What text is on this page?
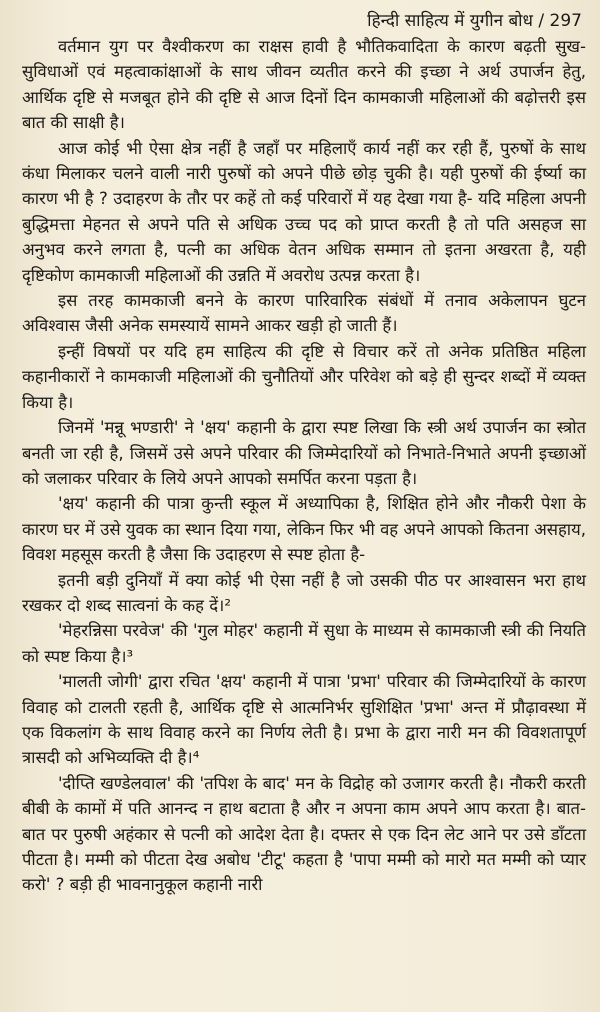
हिन्दी साहित्य में युगीन बोध / 297

वर्तमान युग पर वैश्वीकरण का राक्षस हावी है भौतिकवादिता के कारण बढ़ती सुख-सुविधाओं एवं महत्वाकांक्षाओं के साथ जीवन व्यतीत करने की इच्छा ने अर्थ उपार्जन हेतु, आर्थिक दृष्टि से मजबूत होने की दृष्टि से आज दिनों दिन कामकाजी महिलाओं की बढ़ोत्तरी इस बात की साक्षी है।

आज कोई भी ऐसा क्षेत्र नहीं है जहाँ पर महिलाएँ कार्य नहीं कर रही हैं, पुरुषों के साथ कंधा मिलाकर चलने वाली नारी पुरुषों को अपने पीछे छोड़ चुकी है। यही पुरुषों की ईर्ष्या का कारण भी है ? उदाहरण के तौर पर कहें तो कई परिवारों में यह देखा गया है- यदि महिला अपनी बुद्धिमत्ता मेहनत से अपने पति से अधिक उच्च पद को प्राप्त करती है तो पति असहज सा अनुभव करने लगता है, पत्नी का अधिक वेतन अधिक सम्मान तो इतना अखरता है, यही दृष्टिकोण कामकाजी महिलाओं की उन्नति में अवरोध उत्पन्न करता है।

इस तरह कामकाजी बनने के कारण पारिवारिक संबंधों में तनाव अकेलापन घुटन अविश्वास जैसी अनेक समस्यायें सामने आकर खड़ी हो जाती हैं।

इन्हीं विषयों पर यदि हम साहित्य की दृष्टि से विचार करें तो अनेक प्रतिष्ठित महिला कहानीकारों ने कामकाजी महिलाओं की चुनौतियों और परिवेश को बड़े ही सुन्दर शब्दों में व्यक्त किया है।

जिनमें 'मन्नू भण्डारी' ने 'क्षय' कहानी के द्वारा स्पष्ट लिखा कि स्त्री अर्थ उपार्जन का स्त्रोत बनती जा रही है, जिसमें उसे अपने परिवार की जिम्मेदारियों को निभाते-निभाते अपनी इच्छाओं को जलाकर परिवार के लिये अपने आपको समर्पित करना पड़ता है।

'क्षय' कहानी की पात्रा कुन्ती स्कूल में अध्यापिका है, शिक्षित होने और नौकरी पेशा के कारण घर में उसे युवक का स्थान दिया गया, लेकिन फिर भी वह अपने आपको कितना असहाय, विवश महसूस करती है जैसा कि उदाहरण से स्पष्ट होता है-

इतनी बड़ी दुनियाँ में क्या कोई भी ऐसा नहीं है जो उसकी पीठ पर आश्वासन भरा हाथ रखकर दो शब्द सात्वनां के कह दें।²

'मेहरन्निसा परवेज' की 'गुल मोहर' कहानी में सुधा के माध्यम से कामकाजी स्त्री की नियति को स्पष्ट किया है।³

'मालती जोगी' द्वारा रचित 'क्षय' कहानी में पात्रा 'प्रभा' परिवार की जिम्मेदारियों के कारण विवाह को टालती रहती है, आर्थिक दृष्टि से आत्मनिर्भर सुशिक्षित 'प्रभा' अन्त में प्रौढ़ावस्था में एक विकलांग के साथ विवाह करने का निर्णय लेती है। प्रभा के द्वारा नारी मन की विवशतापूर्ण त्रासदी को अभिव्यक्ति दी है।⁴

'दीप्ति खण्डेलवाल' की 'तपिश के बाद' मन के विद्रोह को उजागर करती है। नौकरी करती बीबी के कामों में पति आनन्द न हाथ बटाता है और न अपना काम अपने आप करता है। बात-बात पर पुरुषी अहंकार से पत्नी को आदेश देता है। दफ्तर से एक दिन लेट आने पर उसे डाँटता पीटता है। मम्मी को पीटता देख अबोध 'टीटू' कहता है 'पापा मम्मी को मारो मत मम्मी को प्यार करो' ? बड़ी ही भावनानुकूल कहानी नारी
